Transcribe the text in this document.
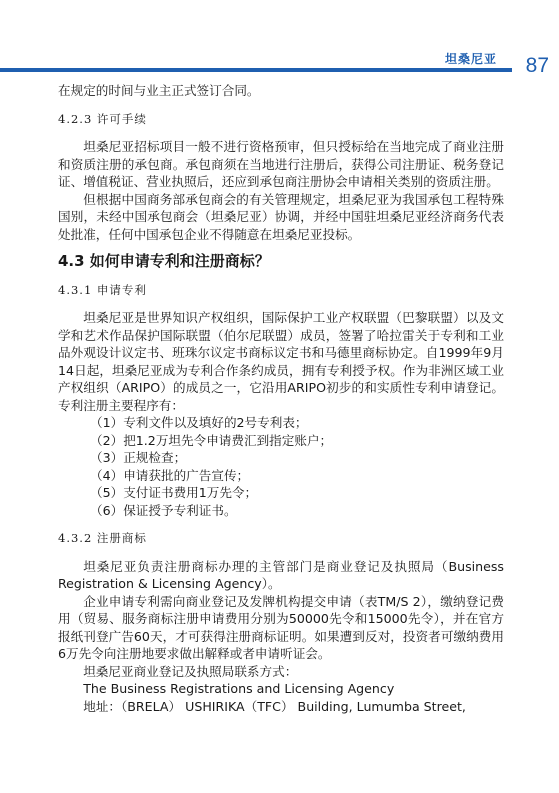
坦桑尼亚 87

在规定的时间与业主正式签订合同。

4.2.3 许可手续

坦桑尼亚招标项目一般不进行资格预审，但只授标给在当地完成了商业注册和资质注册的承包商。承包商须在当地进行注册后，获得公司注册证、税务登记证、增值税证、营业执照后，还应到承包商注册协会申请相关类别的资质注册。

但根据中国商务部承包商会的有关管理规定，坦桑尼亚为我国承包工程特殊国别，未经中国承包商会（坦桑尼亚）协调，并经中国驻坦桑尼亚经济商务代表处批准，任何中国承包企业不得随意在坦桑尼亚投标。

4.3 如何申请专利和注册商标？
4.3.1 申请专利

坦桑尼亚是世界知识产权组织，国际保护工业产权联盟（巴黎联盟）以及文学和艺术作品保护国际联盟（伯尔尼联盟）成员，签署了哈拉雷关于专利和工业品外观设计议定书、班珠尔议定书商标议定书和马德里商标协定。自1999年9月14日起，坦桑尼亚成为专利合作条约成员，拥有专利授予权。作为非洲区域工业产权组织（ARIPO）的成员之一，它沿用ARIPO初步的和实质性专利申请登记。专利注册主要程序有：

（1）专利文件以及填好的2号专利表；

（2）把1.2万坦先令申请费汇到指定账户；

（3）正规检查；

（4）申请获批的广告宣传；

（5）支付证书费用1万先令；

（6）保证授予专利证书。

4.3.2 注册商标

坦桑尼亚负责注册商标办理的主管部门是商业登记及执照局（Business Registration & Licensing Agency）。

企业申请专利需向商业登记及发牌机构提交申请（表TM/S 2），缴纳登记费用（贸易、服务商标注册申请费用分别为50000先令和15000先令），并在官方报纸刊登广告60天，才可获得注册商标证明。如果遭到反对，投资者可缴纳费用6万先令向注册地要求做出解释或者申请听证会。

坦桑尼亚商业登记及执照局联系方式：

The Business Registrations and Licensing Agency

地址：（BRELA） USHIRIKA（TFC） Building, Lumumba Street,
